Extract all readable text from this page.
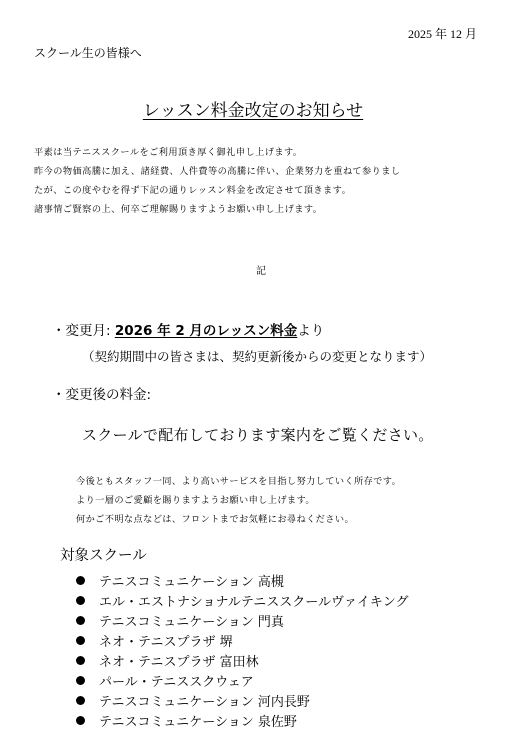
2025 年 12 月
スクール生の皆様へ
レッスン料金改定のお知らせ
平素は当テニススクールをご利用頂き厚く御礼申し上げます。
昨今の物価高騰に加え、諸経費、人件費等の高騰に伴い、企業努力を重ねて参りまし
たが、この度やむを得ず下記の通りレッスン料金を改定させて頂きます。
諸事情ご賢察の上、何卒ご理解賜りますようお願い申し上げます。
記
・変更月: 2026 年 2 月のレッスン料金より
（契約期間中の皆さまは、契約更新後からの変更となります）
・変更後の料金:
スクールで配布しております案内をご覧ください。
今後ともスタッフ一同、より高いサービスを目指し努力していく所存です。
より一層のご愛顧を賜りますようお願い申し上げます。
何かご不明な点などは、フロントまでお気軽にお尋ねください。
対象スクール
テニスコミュニケーション 高槻
エル・エストナショナルテニススクールヴァイキング
テニスコミュニケーション 門真
ネオ・テニスプラザ 堺
ネオ・テニスプラザ 富田林
パール・テニススクウェア
テニスコミュニケーション 河内長野
テニスコミュニケーション 泉佐野
